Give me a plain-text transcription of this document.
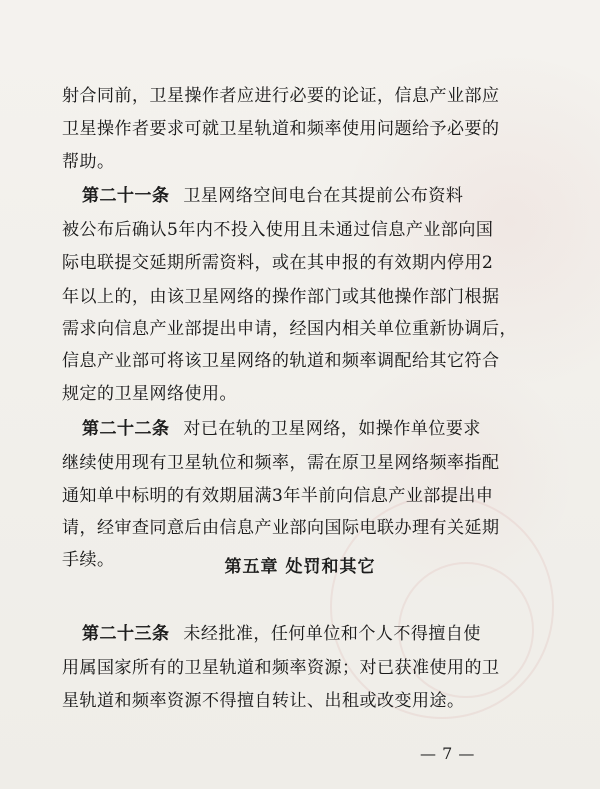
射合同前，卫星操作者应进行必要的论证，信息产业部应
卫星操作者要求可就卫星轨道和频率使用问题给予必要的
帮助。
第二十一条 卫星网络空间电台在其提前公布资料
被公布后确认5年内不投入使用且未通过信息产业部向国
际电联提交延期所需资料，或在其申报的有效期内停用2
年以上的，由该卫星网络的操作部门或其他操作部门根据
需求向信息产业部提出申请，经国内相关单位重新协调后，
信息产业部可将该卫星网络的轨道和频率调配给其它符合
规定的卫星网络使用。
第二十二条 对已在轨的卫星网络，如操作单位要求
继续使用现有卫星轨位和频率，需在原卫星网络频率指配
通知单中标明的有效期届满3年半前向信息产业部提出申
请，经审查同意后由信息产业部向国际电联办理有关延期
手续。	第五章 处罚和其它
第二十三条 未经批准，任何单位和个人不得擅自使
用属国家所有的卫星轨道和频率资源；对已获准使用的卫
星轨道和频率资源不得擅自转让、出租或改变用途。
— 7 —
